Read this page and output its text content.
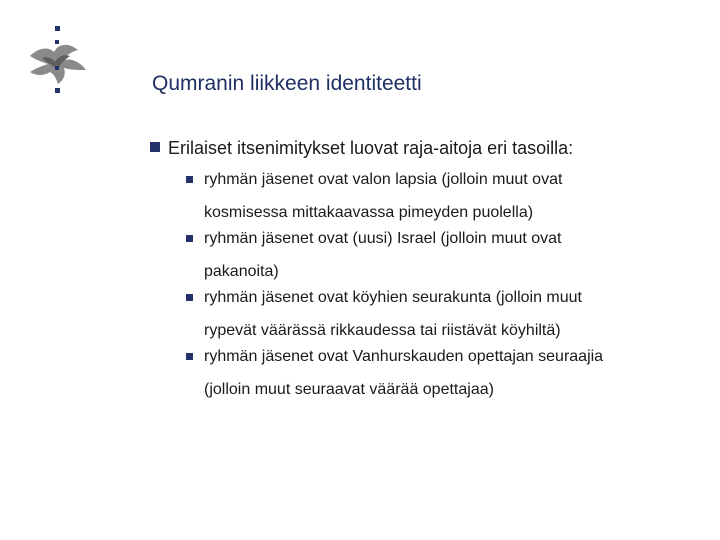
Qumranin liikkeen identiteetti
Erilaiset itsenimitykset luovat raja-aitoja eri tasoilla:
ryhmän jäsenet ovat valon lapsia (jolloin muut ovat
kosmisessa mittakaavassa pimeyden puolella)
ryhmän jäsenet ovat (uusi) Israel (jolloin muut ovat
pakanoita)
ryhmän jäsenet ovat köyhien seurakunta (jolloin muut
rypevät väärässä rikkaudessa tai riistävät köyhiltä)
ryhmän jäsenet ovat Vanhurskauden opettajan seuraajia
(jolloin muut seuraavat väärää opettajaa)
